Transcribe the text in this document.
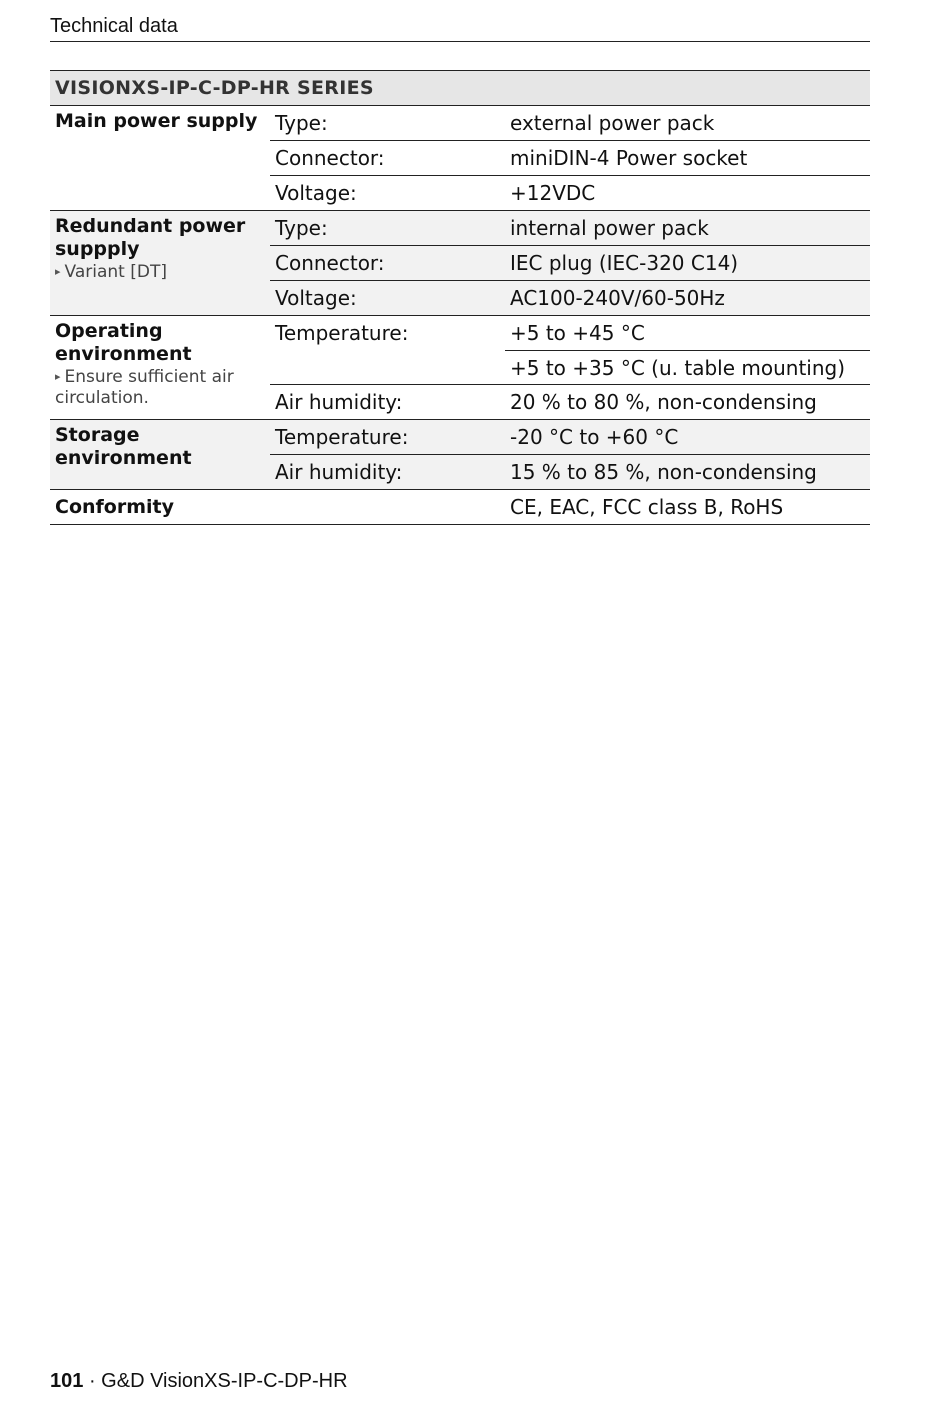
Technical data
VISIONXS-IP-C-DP-HR SERIES
Main power supply Type:	external power pack
Connector:	miniDIN-4 Power socket
Voltage:	+12VDC
Redundant power suppply
▸ Variant [DT]
Type:	internal power pack
Connector:	IEC plug (IEC-320 C14)
Voltage:	AC100-240V/60-50Hz
Operating environment
▸ Ensure sufficient air circulation.
Temperature:	+5 to +45 °C
+5 to +35 °C (u. table mounting)
Air humidity:	20 % to 80 %, non-condensing
Storage environment
Temperature:	-20 °C to +60 °C
Air humidity:	15 % to 85 %, non-condensing
Conformity	CE, EAC, FCC class B, RoHS
101 · G&D VisionXS-IP-C-DP-HR
